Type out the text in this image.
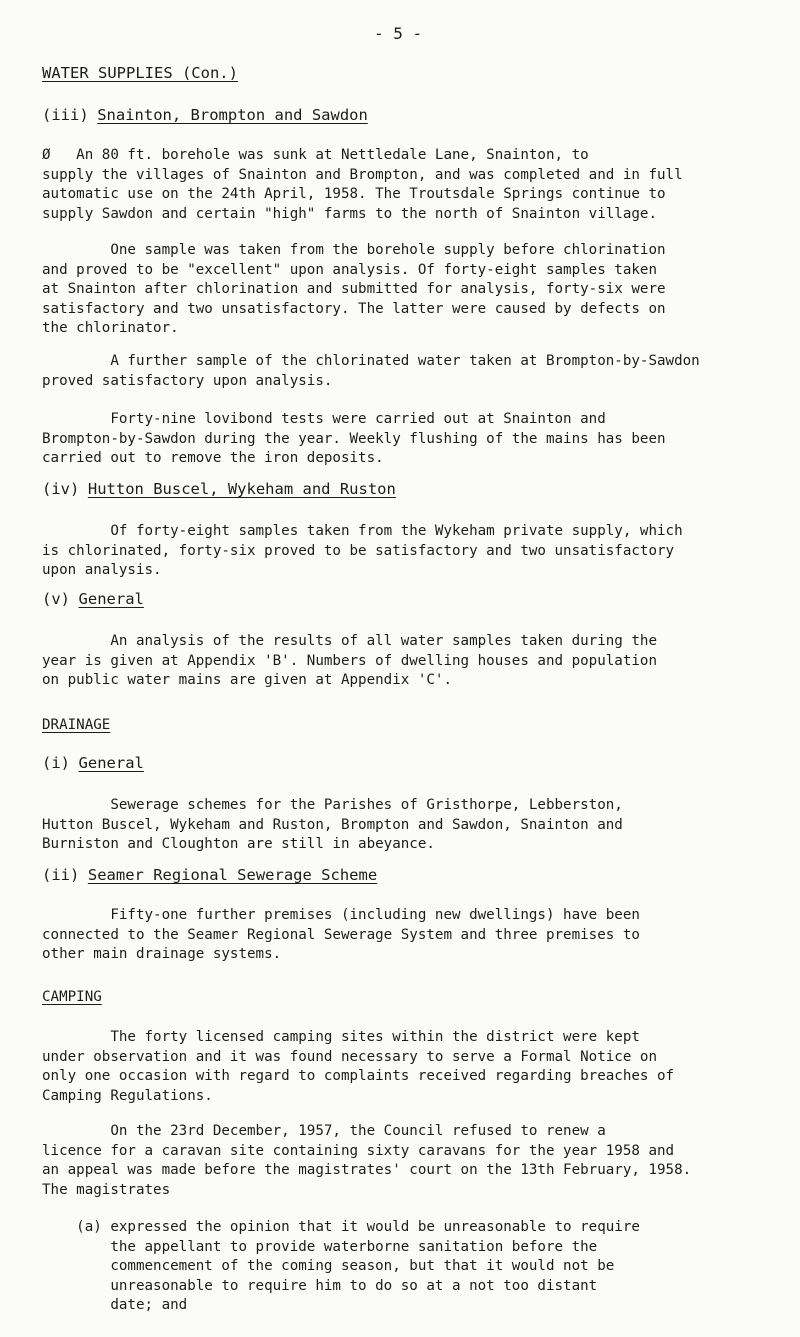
- 5 -
WATER SUPPLIES (Con.)
(iii) Snainton, Brompton and Sawdon
Ø   An 80 ft. borehole was sunk at Nettledale Lane, Snainton, to
supply the villages of Snainton and Brompton, and was completed and in full
automatic use on the 24th April, 1958. The Troutsdale Springs continue to
supply Sawdon and certain "high" farms to the north of Snainton village.
One sample was taken from the borehole supply before chlorination
and proved to be "excellent" upon analysis. Of forty-eight samples taken
at Snainton after chlorination and submitted for analysis, forty-six were
satisfactory and two unsatisfactory. The latter were caused by defects on
the chlorinator.
A further sample of the chlorinated water taken at Brompton-by-Sawdon
proved satisfactory upon analysis.
Forty-nine lovibond tests were carried out at Snainton and
Brompton-by-Sawdon during the year. Weekly flushing of the mains has been
carried out to remove the iron deposits.
(iv) Hutton Buscel, Wykeham and Ruston
Of forty-eight samples taken from the Wykeham private supply, which
is chlorinated, forty-six proved to be satisfactory and two unsatisfactory
upon analysis.
(v) General
An analysis of the results of all water samples taken during the
year is given at Appendix 'B'. Numbers of dwelling houses and population
on public water mains are given at Appendix 'C'.
DRAINAGE
(i) General
Sewerage schemes for the Parishes of Gristhorpe, Lebberston,
Hutton Buscel, Wykeham and Ruston, Brompton and Sawdon, Snainton and
Burniston and Cloughton are still in abeyance.
(ii) Seamer Regional Sewerage Scheme
Fifty-one further premises (including new dwellings) have been
connected to the Seamer Regional Sewerage System and three premises to
other main drainage systems.
CAMPING
The forty licensed camping sites within the district were kept
under observation and it was found necessary to serve a Formal Notice on
only one occasion with regard to complaints received regarding breaches of
Camping Regulations.
On the 23rd December, 1957, the Council refused to renew a
licence for a caravan site containing sixty caravans for the year 1958 and
an appeal was made before the magistrates' court on the 13th February, 1958.
The magistrates
(a) expressed the opinion that it would be unreasonable to require
the appellant to provide waterborne sanitation before the
commencement of the coming season, but that it would not be
unreasonable to require him to do so at a not too distant
date; and
